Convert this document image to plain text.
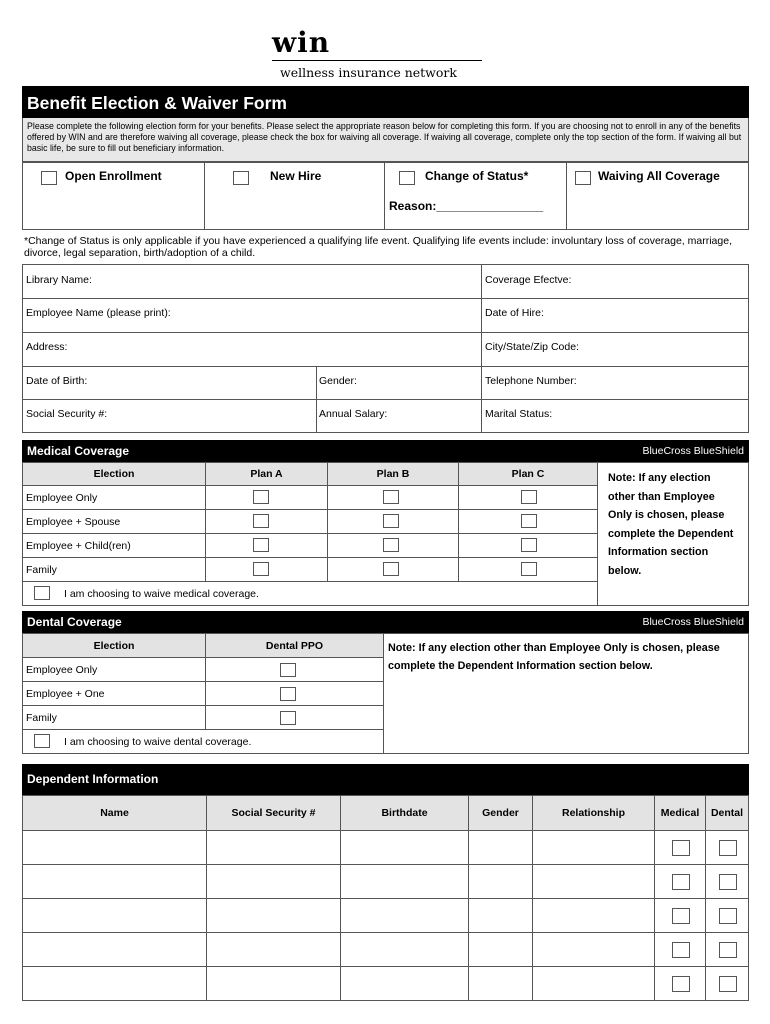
win
wellness insurance network
Benefit Election & Waiver Form
Please complete the following election form for your benefits. Please select the appropriate reason below for completing this form. If you are choosing not to enroll in any of the benefits offered by WIN and are therefore waiving all coverage, please check the box for waiving all coverage. If waiving all coverage, complete only the top section of the form. If waiving all but basic life, be sure to fill out beneficiary information.
Open Enrollment	New Hire	Change of Status*
Reason:________________
Waiving All Coverage
*Change of Status is only applicable if you have experienced a qualifying life event. Qualifying life events include: involuntary loss of coverage, marriage, divorce, legal separation, birth/adoption of a child.
Library Name:	Coverage Efectve:
Employee Name (please print):	Date of Hire:
Address:	City/State/Zip Code:
Date of Birth:	Gender:	Telephone Number:
Social Security #:	Annual Salary:	Marital Status:
Medical Coverage	BlueCross BlueShield
Election	Plan A	Plan B	Plan C
Employee Only
Employee + Spouse
Employee + Child(ren)
Family
I am choosing to waive medical coverage.
Note: If any election other than Employee Only is chosen, please complete the Dependent Information section below.
Dental Coverage	BlueCross BlueShield
Election	Dental PPO
Employee Only
Employee + One
Family
I am choosing to waive dental coverage.
Note: If any election other than Employee Only is chosen, please complete the Dependent Information section below.
Dependent Information
Name	Social Security #	Birthdate	Gender	Relationship	Medical	Dental
